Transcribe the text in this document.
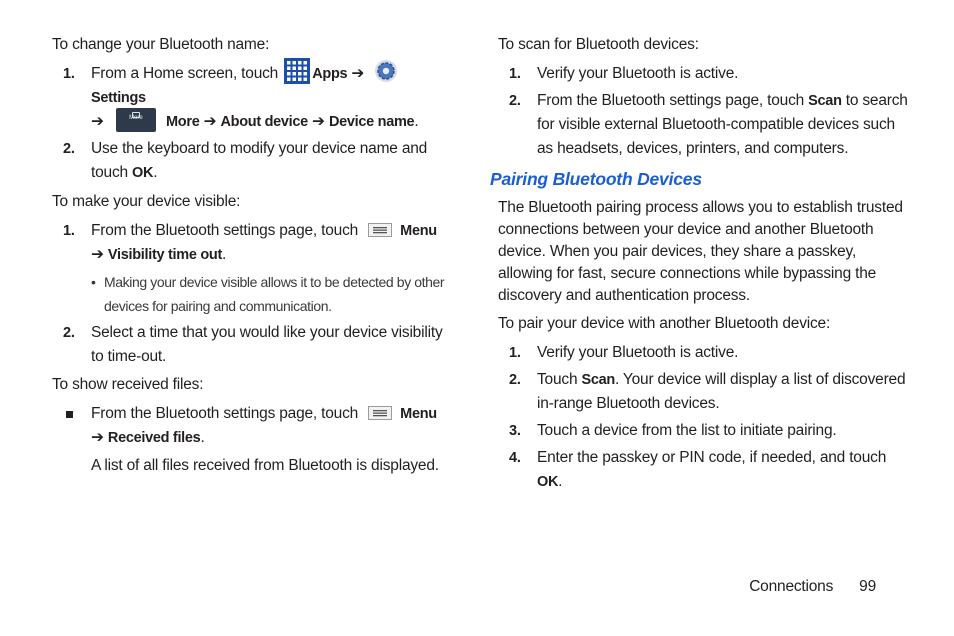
To change your Bluetooth name:

1. From a Home screen, touch Apps ➔ Settings
➔	More	More ➔ About device ➔ Device name.
2. Use the keyboard to modify your device name and touch OK.

To make your device visible:

1. From the Bluetooth settings page, touch	Menu ➔ Visibility time out.
• Making your device visible allows it to be detected by other devices for pairing and communication.
2. Select a time that you would like your device visibility to time-out.

To show received files:

From the Bluetooth settings page, touch	Menu ➔ Received files.

A list of all files received from Bluetooth is displayed.

To scan for Bluetooth devices:

1. Verify your Bluetooth is active.
2. From the Bluetooth settings page, touch Scan to search for visible external Bluetooth-compatible devices such as headsets, devices, printers, and computers.
Pairing Bluetooth Devices

The Bluetooth pairing process allows you to establish trusted connections between your device and another Bluetooth device. When you pair devices, they share a passkey, allowing for fast, secure connections while bypassing the discovery and authentication process.

To pair your device with another Bluetooth device:

1. Verify your Bluetooth is active.
2. Touch Scan. Your device will display a list of discovered in-range Bluetooth devices.
3. Touch a device from the list to initiate pairing.
4. Enter the passkey or PIN code, if needed, and touch OK.
Connections 99
